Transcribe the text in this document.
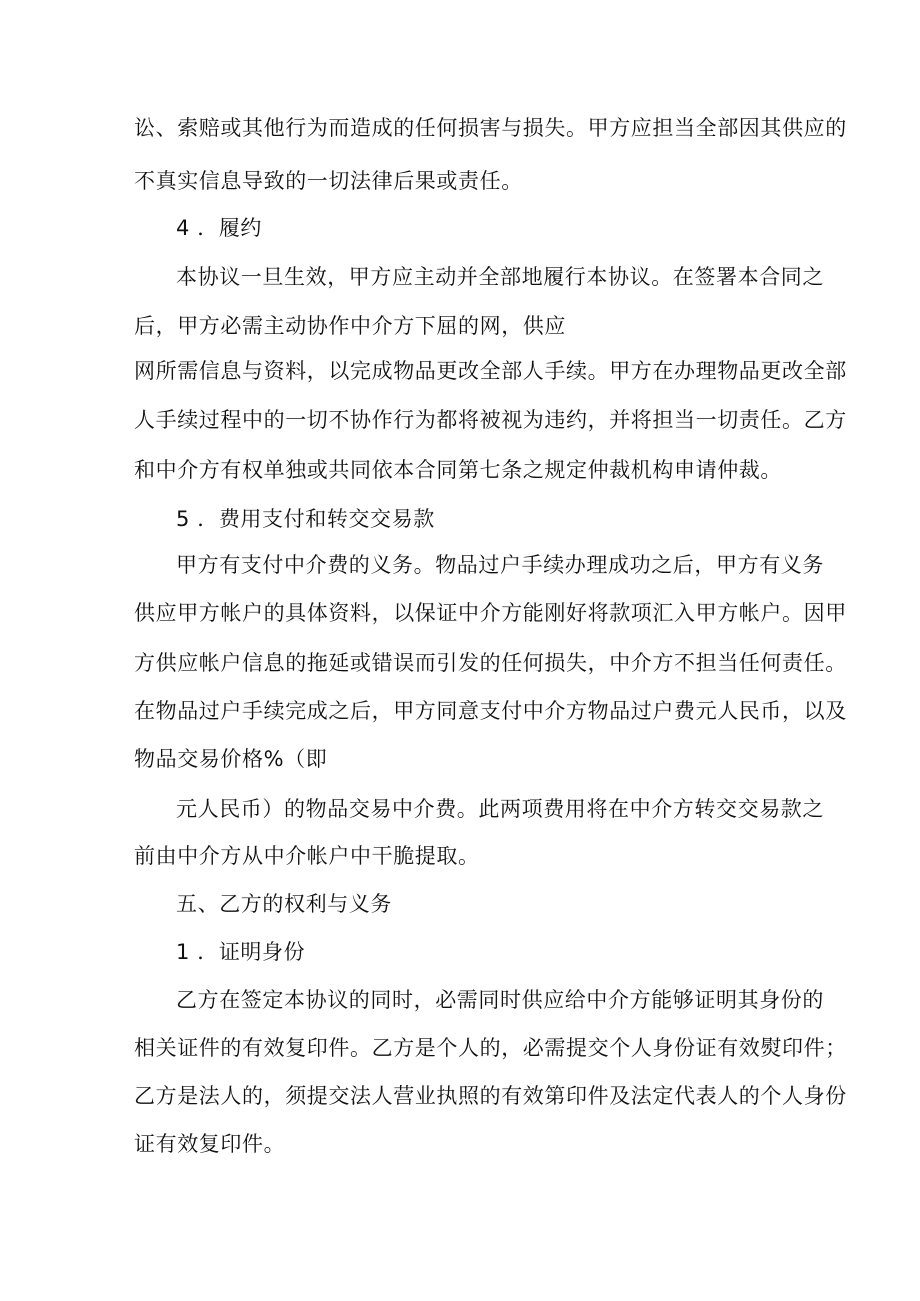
讼、索赔或其他行为而造成的任何损害与损失。甲方应担当全部因其供应的
不真实信息导致的一切法律后果或责任。
4 ．履约
本协议一旦生效，甲方应主动并全部地履行本协议。在签署本合同之
后，甲方必需主动协作中介方下屈的网，供应
网所需信息与资料，以完成物品更改全部人手续。甲方在办理物品更改全部
人手续过程中的一切不协作行为都将被视为违约，并将担当一切责任。乙方
和中介方有权单独或共同依本合同第七条之规定仲裁机构申请仲裁。
5 ．费用支付和转交交易款
甲方有支付中介费的义务。物品过户手续办理成功之后，甲方有义务
供应甲方帐户的具体资料，以保证中介方能刚好将款项汇入甲方帐户。因甲
方供应帐户信息的拖延或错误而引发的任何损失，中介方不担当任何责任。
在物品过户手续完成之后，甲方同意支付中介方物品过户费元人民币，以及
物品交易价格%（即
元人民币）的物品交易中介费。此两项费用将在中介方转交交易款之
前由中介方从中介帐户中干脆提取。
五、乙方的权利与义务
1 ．证明身份
乙方在签定本协议的同时，必需同时供应给中介方能够证明其身份的
相关证件的有效复印件。乙方是个人的，必需提交个人身份证有效熨印件；
乙方是法人的，须提交法人营业执照的有效第印件及法定代表人的个人身份
证有效复印件。
